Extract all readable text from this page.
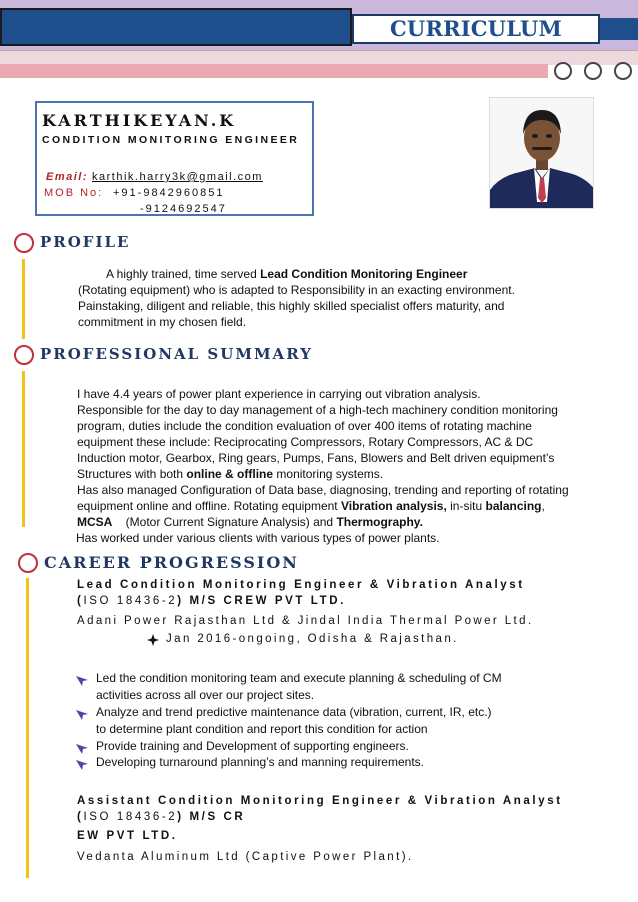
CURRICULUM
KARTHIKEYAN.K
CONDITION MONITORING ENGINEER
Email: karthik.harry3k@gmail.com
MOB No: +91-9842960851
-9124692547
PROFILE
A highly trained, time served Lead Condition Monitoring Engineer
(Rotating equipment) who is adapted to Responsibility in an exacting environment.
Painstaking, diligent and reliable, this highly skilled specialist offers maturity, and
commitment in my chosen field.
PROFESSIONAL SUMMARY
I have 4.4 years of power plant experience in carrying out vibration analysis.
Responsible for the day to day management of a high-tech machinery condition monitoring
program, duties include the condition evaluation of over 400 items of rotating machine
equipment these include: Reciprocating Compressors, Rotary Compressors, AC & DC
Induction motor, Gearbox, Ring gears, Pumps, Fans, Blowers and Belt driven equipment’s
Structures with both online & offline monitoring systems.
Has also managed Configuration of Data base, diagnosing, trending and reporting of rotating
equipment online and offline. Rotating equipment Vibration analysis, in-situ balancing,
MCSA    (Motor Current Signature Analysis) and Thermography.
Has worked under various clients with various types of power plants.
CAREER PROGRESSION
Lead Condition Monitoring Engineer & Vibration Analyst
(ISO 18436-2) M/S CREW PVT LTD.
Adani Power Rajasthan Ltd & Jindal India Thermal Power Ltd.
Jan 2016-ongoing, Odisha & Rajasthan.
Led the condition monitoring team and execute planning & scheduling of CM
activities across all over our project sites.
Analyze and trend predictive maintenance data (vibration, current, IR, etc.)
to determine plant condition and report this condition for action
Provide training and Development of supporting engineers.
Developing turnaround planning’s and manning requirements.
Assistant Condition Monitoring Engineer & Vibration Analyst
(ISO 18436-2) M/S CR
EW PVT LTD.
Vedanta Aluminum Ltd (Captive Power Plant).
